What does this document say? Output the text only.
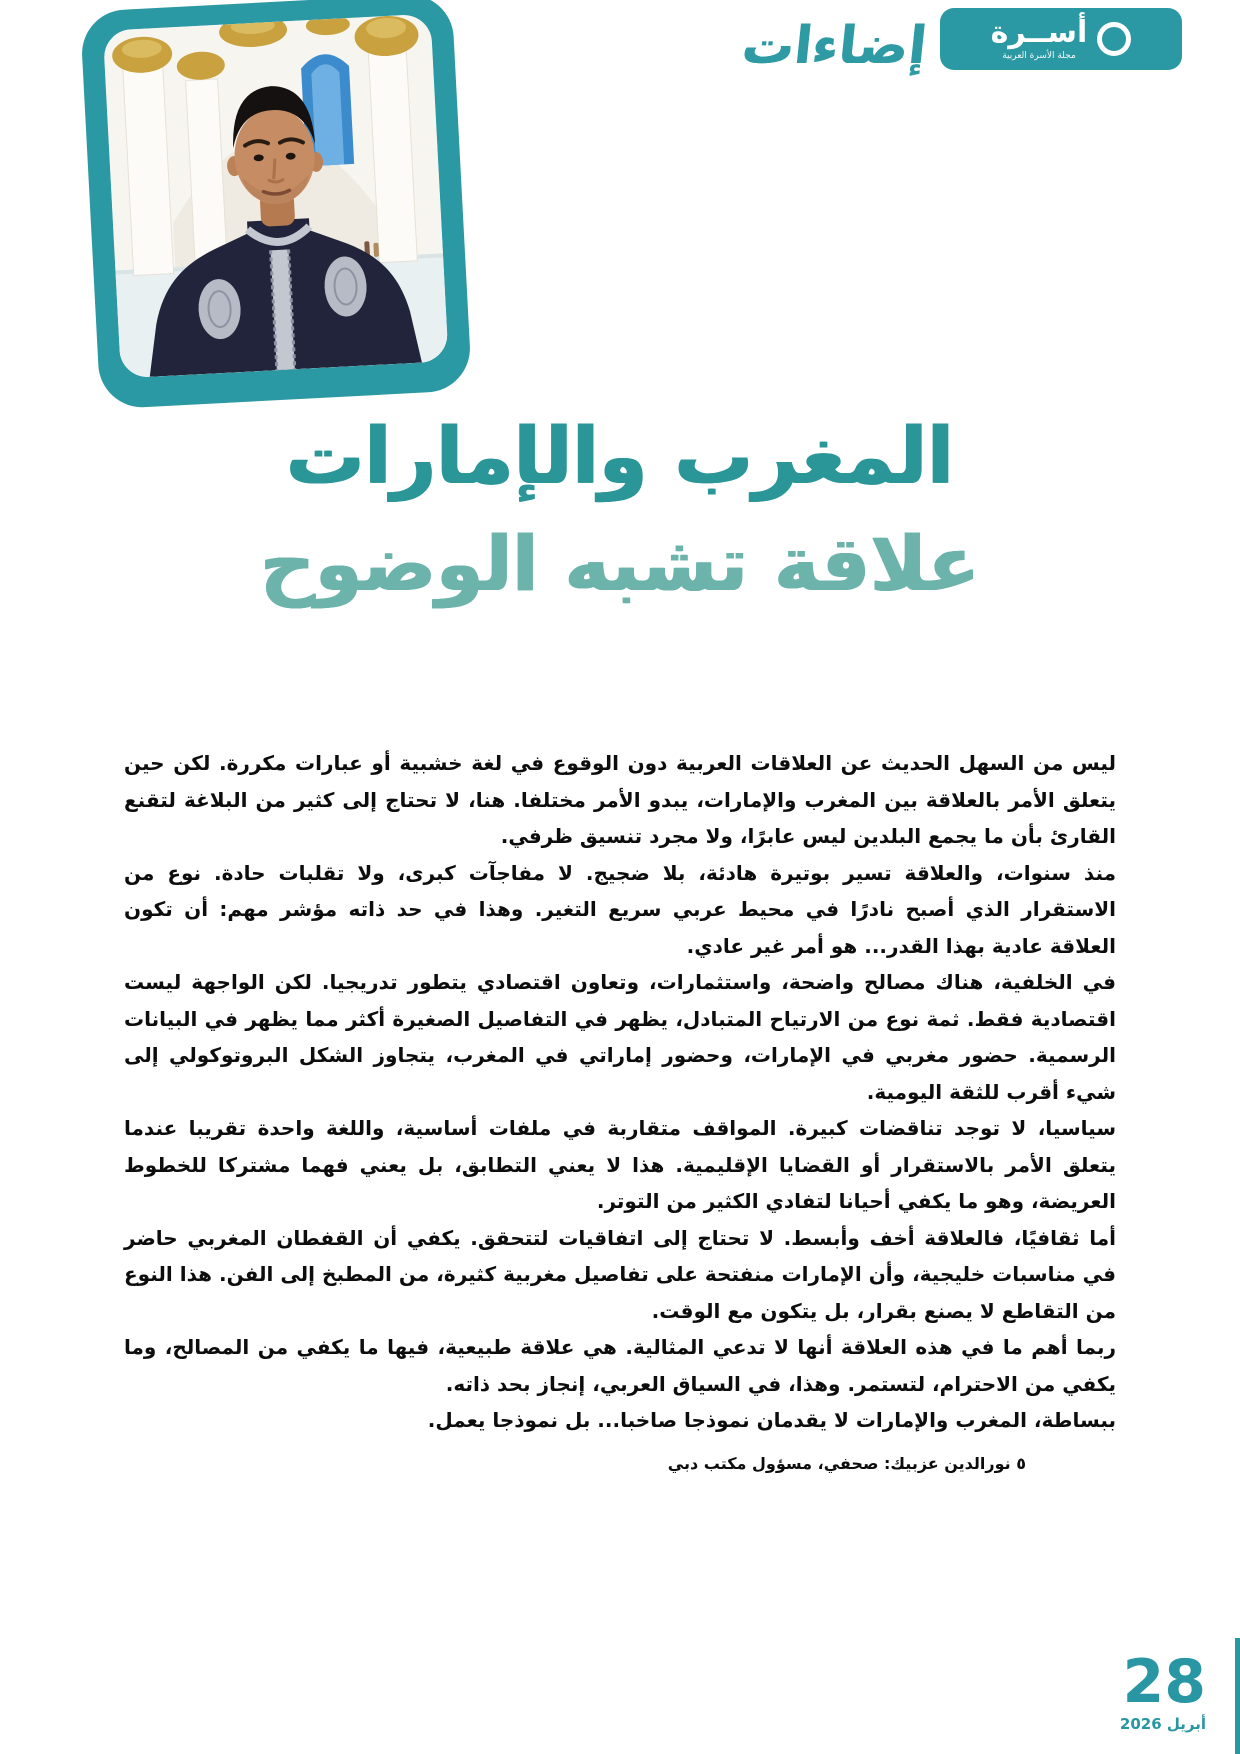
أســرة
مجلة الأسرة العربية
إضاءات
المغرب والإمارات
علاقة تشبه الوضوح

ليس من السهل الحديث عن العلاقات العربية دون الوقوع في لغة خشبية أو عبارات مكررة. لكن حين يتعلق الأمر بالعلاقة بين المغرب والإمارات، يبدو الأمر مختلفا. هنا، لا تحتاج إلى كثير من البلاغة لتقنع القارئ بأن ما يجمع البلدين ليس عابرًا، ولا مجرد تنسيق ظرفي.

منذ سنوات، والعلاقة تسير بوتيرة هادئة، بلا ضجيج. لا مفاجآت كبرى، ولا تقلبات حادة. نوع من الاستقرار الذي أصبح نادرًا في محيط عربي سريع التغير. وهذا في حد ذاته مؤشر مهم: أن تكون العلاقة عادية بهذا القدر... هو أمر غير عادي.

في الخلفية، هناك مصالح واضحة، واستثمارات، وتعاون اقتصادي يتطور تدريجيا. لكن الواجهة ليست اقتصادية فقط. ثمة نوع من الارتياح المتبادل، يظهر في التفاصيل الصغيرة أكثر مما يظهر في البيانات الرسمية. حضور مغربي في الإمارات، وحضور إماراتي في المغرب، يتجاوز الشكل البروتوكولي إلى شيء أقرب للثقة اليومية.

سياسيا، لا توجد تناقضات كبيرة. المواقف متقاربة في ملفات أساسية، واللغة واحدة تقريبا عندما يتعلق الأمر بالاستقرار أو القضايا الإقليمية. هذا لا يعني التطابق، بل يعني فهما مشتركا للخطوط العريضة، وهو ما يكفي أحيانا لتفادي الكثير من التوتر.

أما ثقافيًا، فالعلاقة أخف وأبسط. لا تحتاج إلى اتفاقيات لتتحقق. يكفي أن القفطان المغربي حاضر في مناسبات خليجية، وأن الإمارات منفتحة على تفاصيل مغربية كثيرة، من المطبخ إلى الفن. هذا النوع من التقاطع لا يصنع بقرار، بل يتكون مع الوقت.

ربما أهم ما في هذه العلاقة أنها لا تدعي المثالية. هي علاقة طبيعية، فيها ما يكفي من المصالح، وما يكفي من الاحترام، لتستمر. وهذا، في السياق العربي، إنجاز بحد ذاته.

ببساطة، المغرب والإمارات لا يقدمان نموذجا صاخبا... بل نموذجا يعمل.

٥ نورالدين عزبيك: صحفي، مسؤول مكتب دبي
28
أبريل 2026
